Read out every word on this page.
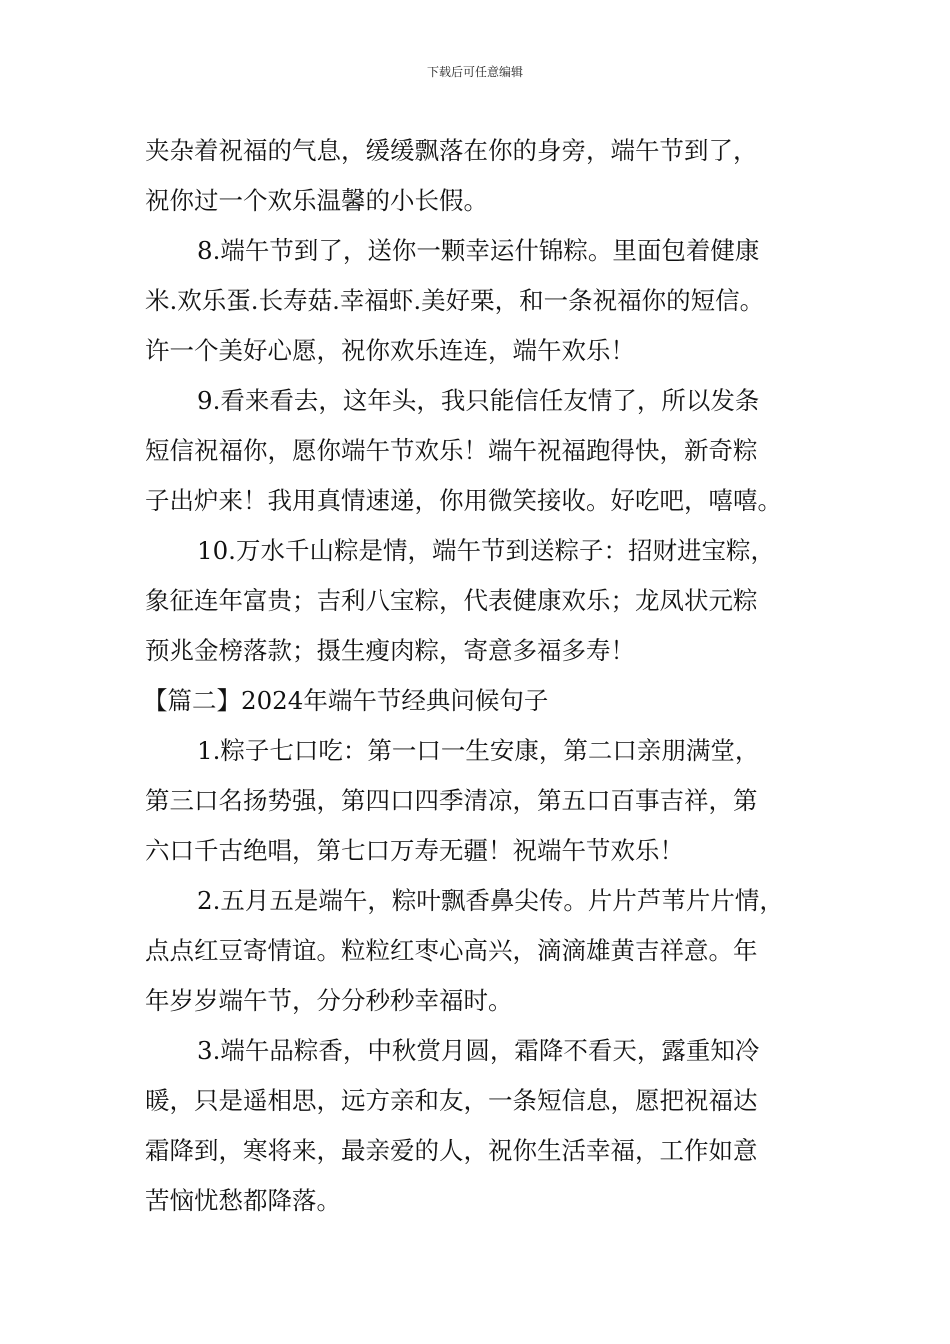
下载后可任意编辑
夹杂着祝福的气息，缓缓飘落在你的身旁，端午节到了，
祝你过一个欢乐温馨的小长假。
8.端午节到了，送你一颗幸运什锦粽。里面包着健康
米.欢乐蛋.长寿菇.幸福虾.美好栗，和一条祝福你的短信。
许一个美好心愿，祝你欢乐连连，端午欢乐！
9.看来看去，这年头，我只能信任友情了，所以发条
短信祝福你，愿你端午节欢乐！端午祝福跑得快，新奇粽
子出炉来！我用真情速递，你用微笑接收。好吃吧，嘻嘻。
10.万水千山粽是情，端午节到送粽子：招财进宝粽，
象征连年富贵；吉利八宝粽，代表健康欢乐；龙凤状元粽
预兆金榜落款；摄生瘦肉粽，寄意多福多寿！
【篇二】2024年端午节经典问候句子
1.粽子七口吃：第一口一生安康，第二口亲朋满堂，
第三口名扬势强，第四口四季清凉，第五口百事吉祥，第
六口千古绝唱，第七口万寿无疆！祝端午节欢乐！
2.五月五是端午，粽叶飘香鼻尖传。片片芦苇片片情，
点点红豆寄情谊。粒粒红枣心高兴，滴滴雄黄吉祥意。年
年岁岁端午节，分分秒秒幸福时。
3.端午品粽香，中秋赏月圆，霜降不看天，露重知冷
暖，只是遥相思，远方亲和友，一条短信息，愿把祝福达
霜降到，寒将来，最亲爱的人，祝你生活幸福，工作如意
苦恼忧愁都降落。
